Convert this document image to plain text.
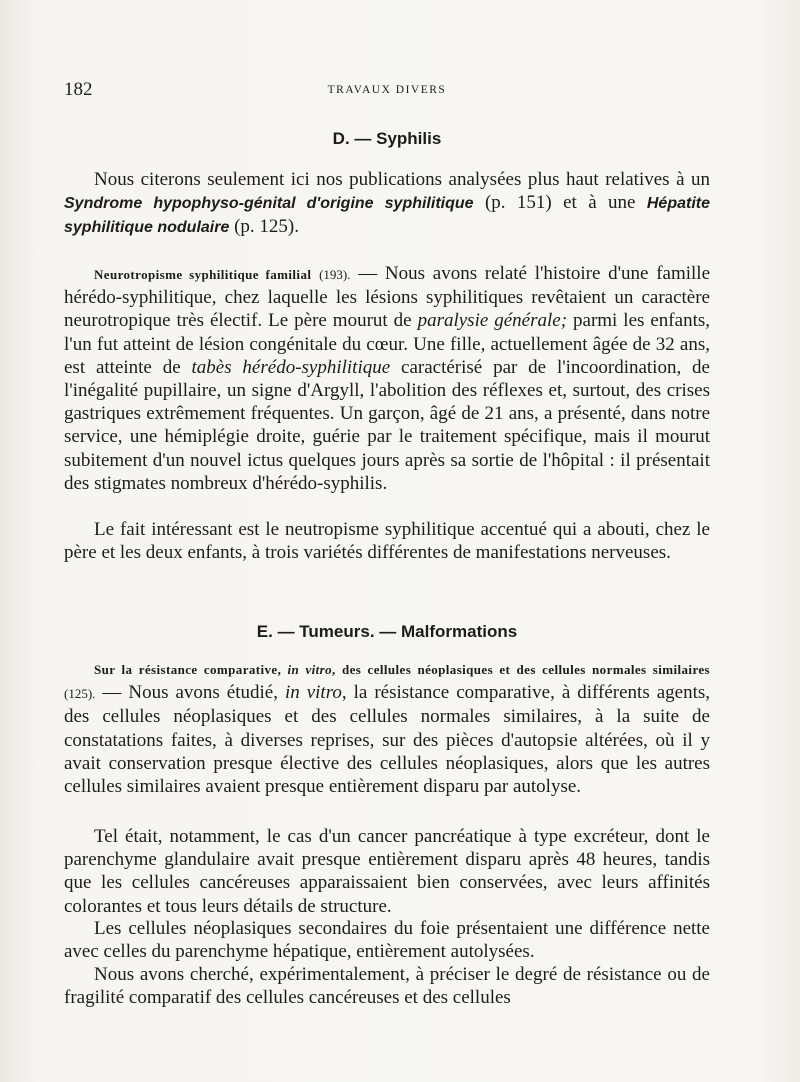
182	TRAVAUX DIVERS
D. — Syphilis

Nous citerons seulement ici nos publications analysées plus haut relatives à un Syndrome hypophyso-génital d'origine syphilitique (p. 151) et à une Hépatite syphilitique nodulaire (p. 125).

Neurotropisme syphilitique familial (193). — Nous avons relaté l'histoire d'une famille hérédo-syphilitique, chez laquelle les lésions syphilitiques revêtaient un caractère neurotropique très électif. Le père mourut de paralysie générale; parmi les enfants, l'un fut atteint de lésion congénitale du cœur. Une fille, actuellement âgée de 32 ans, est atteinte de tabès hérédo-syphilitique caractérisé par de l'incoordination, de l'inégalité pupillaire, un signe d'Argyll, l'abolition des réflexes et, surtout, des crises gastriques extrêmement fréquentes. Un garçon, âgé de 21 ans, a présenté, dans notre service, une hémiplégie droite, guérie par le traitement spécifique, mais il mourut subitement d'un nouvel ictus quelques jours après sa sortie de l'hôpital : il présentait des stigmates nombreux d'hérédo-syphilis.

Le fait intéressant est le neutropisme syphilitique accentué qui a abouti, chez le père et les deux enfants, à trois variétés différentes de manifestations nerveuses.

E. — Tumeurs. — Malformations

Sur la résistance comparative, in vitro, des cellules néoplasiques et des cellules normales similaires (125). — Nous avons étudié, in vitro, la résistance comparative, à différents agents, des cellules néoplasiques et des cellules normales similaires, à la suite de constatations faites, à diverses reprises, sur des pièces d'autopsie altérées, où il y avait conservation presque élective des cellules néoplasiques, alors que les autres cellules similaires avaient presque entièrement disparu par autolyse.

Tel était, notamment, le cas d'un cancer pancréatique à type excréteur, dont le parenchyme glandulaire avait presque entièrement disparu après 48 heures, tandis que les cellules cancéreuses apparaissaient bien conservées, avec leurs affinités colorantes et tous leurs détails de structure.

Les cellules néoplasiques secondaires du foie présentaient une différence nette avec celles du parenchyme hépatique, entièrement autolysées.

Nous avons cherché, expérimentalement, à préciser le degré de résistance ou de fragilité comparatif des cellules cancéreuses et des cellules
